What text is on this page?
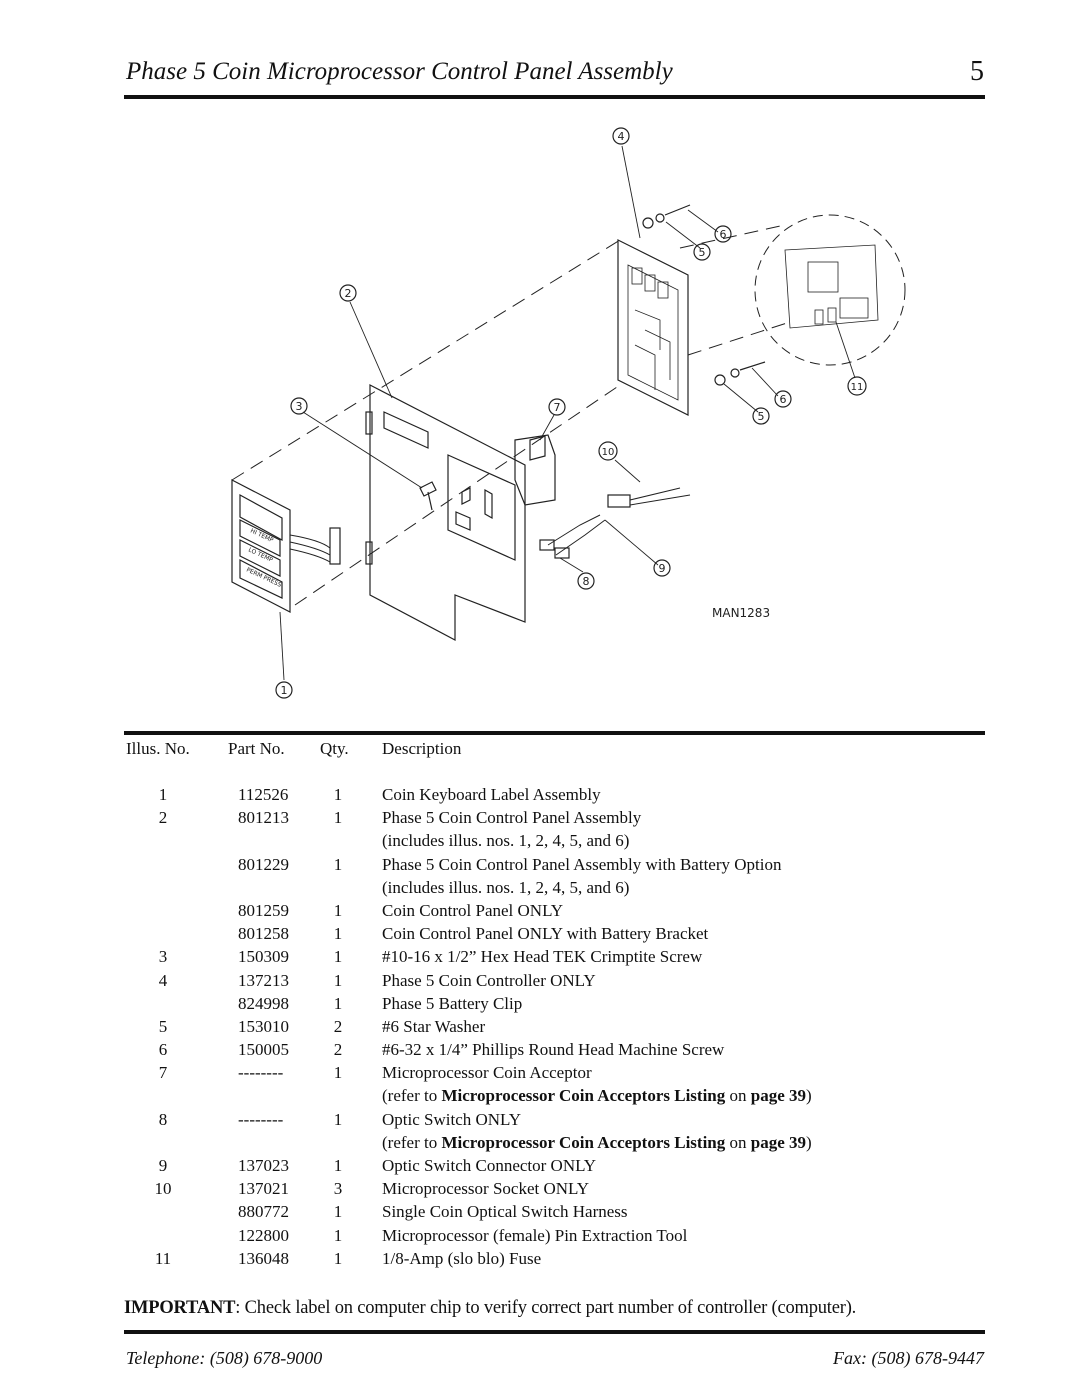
Phase 5 Coin Microprocessor Control Panel Assembly	5
HI TEMP
LO TEMP
PERM PRESS
1
2
3
4
5
5
6
6
7
8
9
10
11
MAN1283
Illus. No. Part No. Qty. Description
1	112526	1	Coin Keyboard Label Assembly
2	801213	1	Phase 5 Coin Control Panel Assembly
(includes illus. nos. 1, 2, 4, 5, and 6)
801229	1	Phase 5 Coin Control Panel Assembly with Battery Option
(includes illus. nos. 1, 2, 4, 5, and 6)
801259	1	Coin Control Panel ONLY
801258	1	Coin Control Panel ONLY with Battery Bracket
3	150309	1	#10-16 x 1/2” Hex Head TEK Crimptite Screw
4	137213	1	Phase 5 Coin Controller ONLY
824998	1	Phase 5 Battery Clip
5	153010	2	#6 Star Washer
6	150005	2	#6-32 x 1/4” Phillips Round Head Machine Screw
7	--------	1	Microprocessor Coin Acceptor
(refer to Microprocessor Coin Acceptors Listing on page 39)
8	--------	1	Optic Switch ONLY
(refer to Microprocessor Coin Acceptors Listing on page 39)
9	137023	1	Optic Switch Connector ONLY
10	137021	3	Microprocessor Socket ONLY
880772	1	Single Coin Optical Switch Harness
122800	1	Microprocessor (female) Pin Extraction Tool
11	136048	1	1/8-Amp (slo blo) Fuse
IMPORTANT: Check label on computer chip to verify correct part number of controller (computer).
Telephone: (508) 678-9000	Fax: (508) 678-9447
